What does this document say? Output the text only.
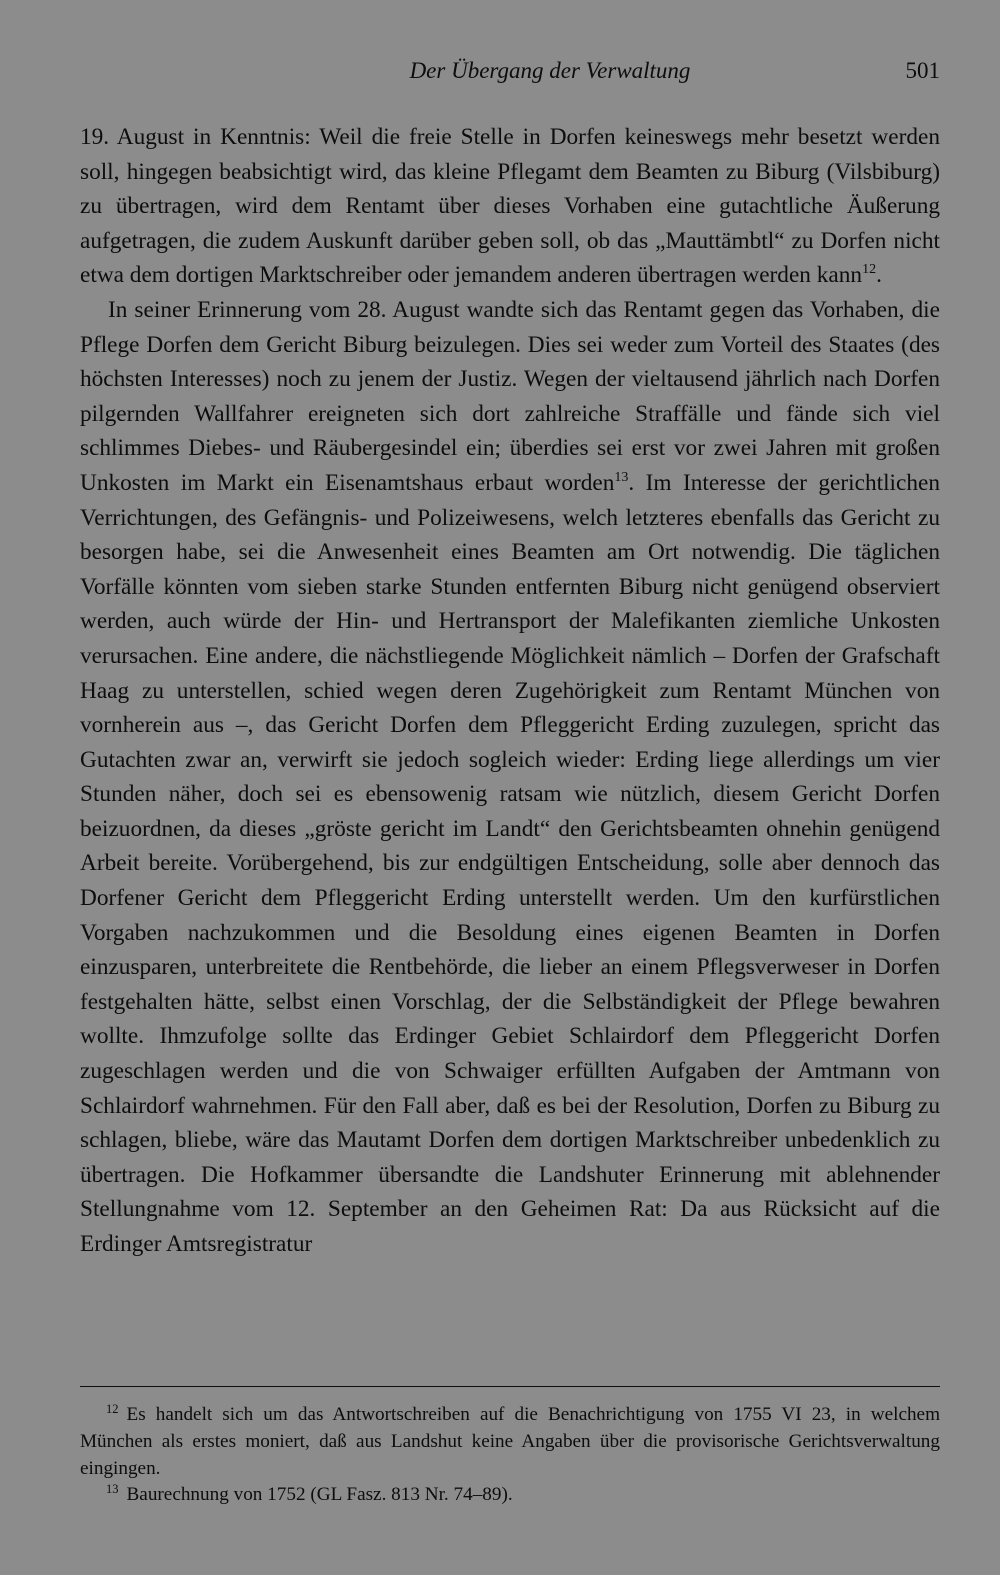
Der Übergang der Verwaltung	501

19. August in Kenntnis: Weil die freie Stelle in Dorfen keineswegs mehr besetzt werden soll, hingegen beabsichtigt wird, das kleine Pflegamt dem Beamten zu Biburg (Vilsbiburg) zu übertragen, wird dem Rentamt über dieses Vorhaben eine gutachtliche Äußerung aufgetragen, die zudem Auskunft darüber geben soll, ob das „Mauttämbtl“ zu Dorfen nicht etwa dem dortigen Marktschreiber oder jemandem anderen übertragen werden kann$^{12}$.

In seiner Erinnerung vom 28. August wandte sich das Rentamt gegen das Vorhaben, die Pflege Dorfen dem Gericht Biburg beizulegen. Dies sei weder zum Vorteil des Staates (des höchsten Interesses) noch zu jenem der Justiz. Wegen der vieltausend jährlich nach Dorfen pilgernden Wallfahrer ereigneten sich dort zahlreiche Straffälle und fände sich viel schlimmes Diebes- und Räubergesindel ein; überdies sei erst vor zwei Jahren mit großen Unkosten im Markt ein Eisenamtshaus erbaut worden$^{13}$. Im Interesse der gerichtlichen Verrichtungen, des Gefängnis- und Polizeiwesens, welch letzteres ebenfalls das Gericht zu besorgen habe, sei die Anwesenheit eines Beamten am Ort notwendig. Die täglichen Vorfälle könnten vom sieben starke Stunden entfernten Biburg nicht genügend observiert werden, auch würde der Hin- und Hertransport der Malefikanten ziemliche Unkosten verursachen. Eine andere, die nächstliegende Möglichkeit nämlich – Dorfen der Grafschaft Haag zu unterstellen, schied wegen deren Zugehörigkeit zum Rentamt München von vornherein aus –, das Gericht Dorfen dem Pfleggericht Erding zuzulegen, spricht das Gutachten zwar an, verwirft sie jedoch sogleich wieder: Erding liege allerdings um vier Stunden näher, doch sei es ebensowenig ratsam wie nützlich, diesem Gericht Dorfen beizuordnen, da dieses „gröste gericht im Landt“ den Gerichtsbeamten ohnehin genügend Arbeit bereite. Vorübergehend, bis zur endgültigen Entscheidung, solle aber dennoch das Dorfener Gericht dem Pfleggericht Erding unterstellt werden. Um den kurfürstlichen Vorgaben nachzukommen und die Besoldung eines eigenen Beamten in Dorfen einzusparen, unterbreitete die Rentbehörde, die lieber an einem Pflegsverweser in Dorfen festgehalten hätte, selbst einen Vorschlag, der die Selbständigkeit der Pflege bewahren wollte. Ihmzufolge sollte das Erdinger Gebiet Schlairdorf dem Pfleggericht Dorfen zugeschlagen werden und die von Schwaiger erfüllten Aufgaben der Amtmann von Schlairdorf wahrnehmen. Für den Fall aber, daß es bei der Resolution, Dorfen zu Biburg zu schlagen, bliebe, wäre das Mautamt Dorfen dem dortigen Marktschreiber unbedenklich zu übertragen. Die Hofkammer übersandte die Landshuter Erinnerung mit ablehnender Stellungnahme vom 12. September an den Geheimen Rat: Da aus Rücksicht auf die Erdinger Amtsregistratur

$^{12}$ Es handelt sich um das Antwortschreiben auf die Benachrichtigung von 1755 VI 23, in welchem München als erstes moniert, daß aus Landshut keine Angaben über die provisorische Gerichtsverwaltung eingingen.

$^{13}$ Baurechnung von 1752 (GL Fasz. 813 Nr. 74–89).
